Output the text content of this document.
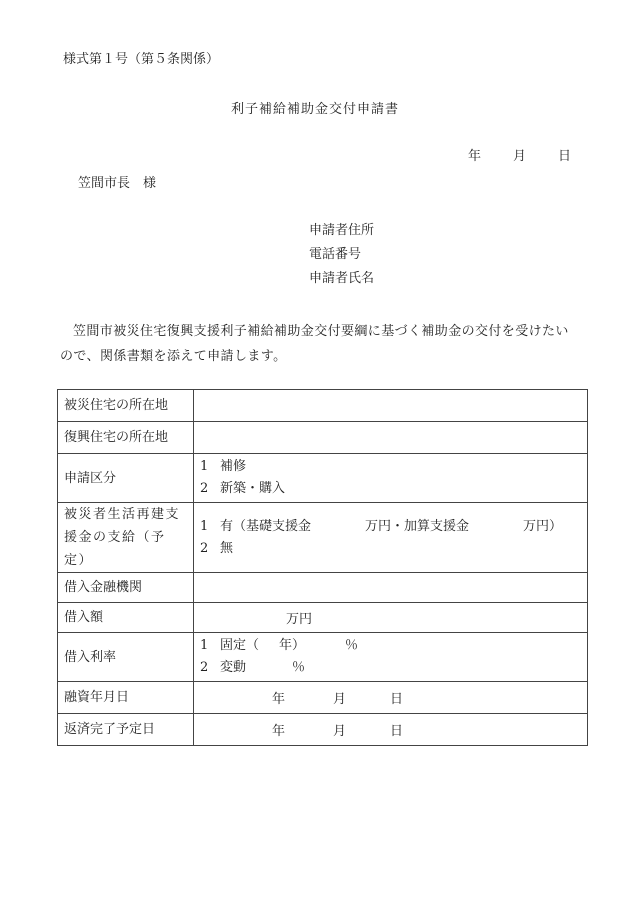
様式第１号（第５条関係）
利子補給補助金交付申請書
年 月 日
笠間市長　様
申請者住所
電話番号
申請者氏名
笠間市被災住宅復興支援利子補給補助金交付要綱に基づく補助金の交付を受けたいので、関係書類を添えて申請します。
被災住宅の所在地	
復興住宅の所在地	
申請区分	1 補修
2 新築・購入

被災者生活再建支援金の支給（予定）	1 有（基礎支援金 万円・加算支援金 万円）
2 無

借入金融機関	
借入額	万円
借入利率	1 固定（ 年） ％
2 変動 ％

融資年月日	年 月 日
返済完了予定日	年 月 日
